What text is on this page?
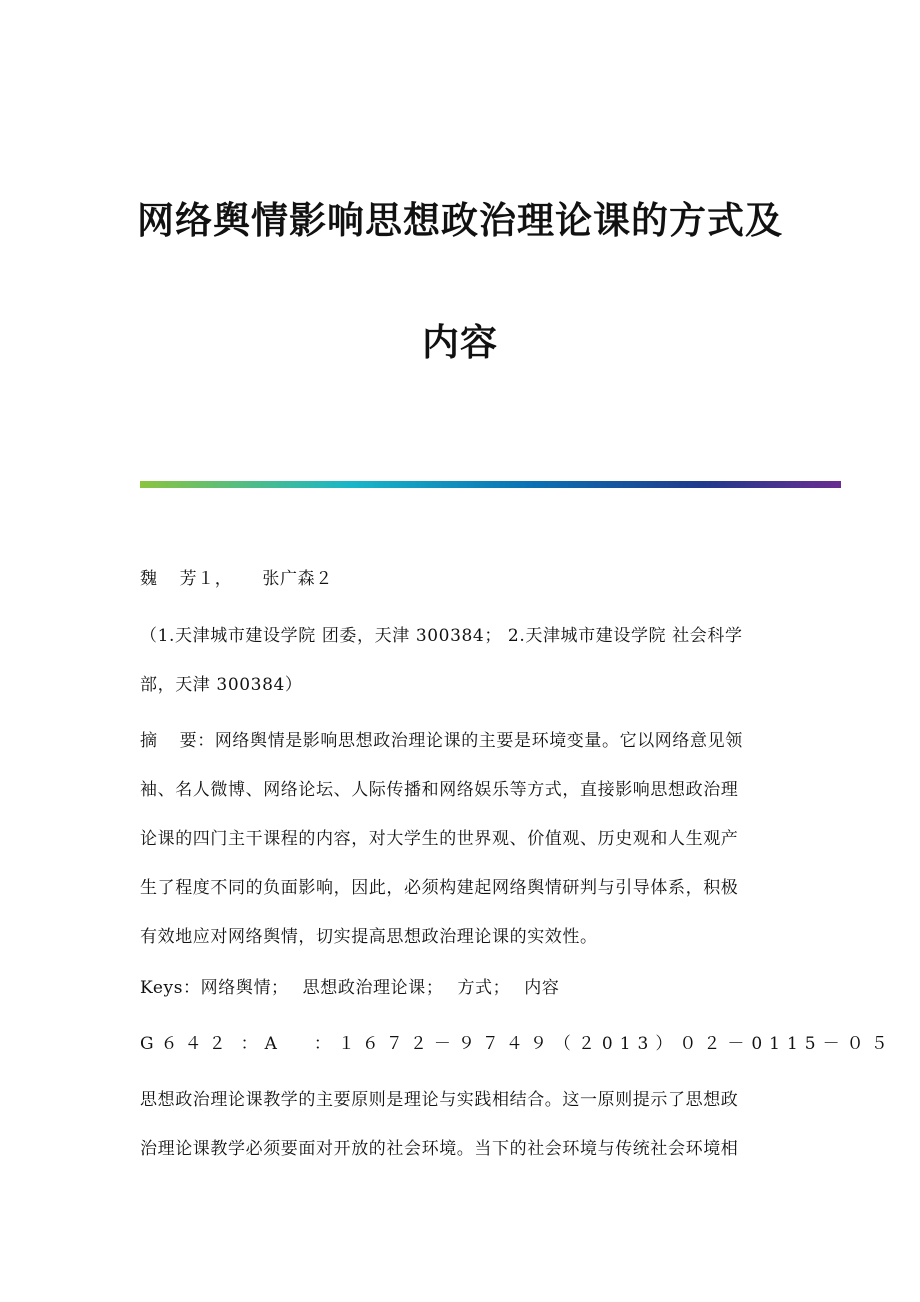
网络舆情影响思想政治理论课的方式及
内容
魏 芳１， 张广森２
（1.天津城市建设学院 团委，天津 300384； 2.天津城市建设学院 社会科学
部，天津 300384）
摘 要：网络舆情是影响思想政治理论课的主要是环境变量。它以网络意见领
袖、名人微博、网络论坛、人际传播和网络娱乐等方式，直接影响思想政治理
论课的四门主干课程的内容，对大学生的世界观、价值观、历史观和人生观产
生了程度不同的负面影响，因此，必须构建起网络舆情研判与引导体系，积极
有效地应对网络舆情，切实提高思想政治理论课的实效性。
Keys：网络舆情； 思想政治理论课； 方式； 内容
G６４２ ：A ：１６７２－９７４９（２013）０２－0115－０５
思想政治理论课教学的主要原则是理论与实践相结合。这一原则提示了思想政
治理论课教学必须要面对开放的社会环境。当下的社会环境与传统社会环境相
